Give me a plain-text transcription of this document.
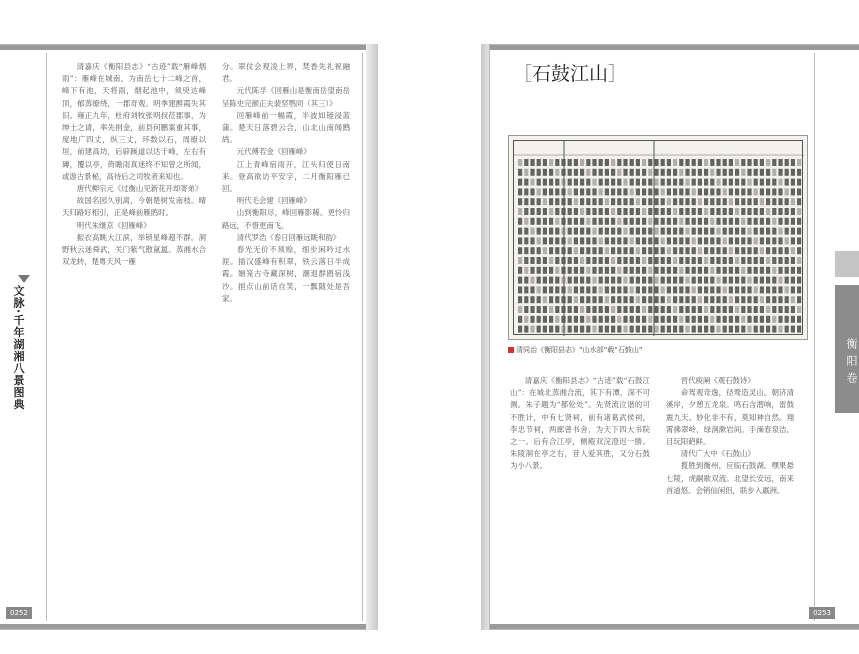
文脉·千年湖湘八景图典

清嘉庆《衡阳县志》“古迹”载“雁峰烟雨”：雁峰在城南，为南岳七十二峰之首，峰下有池，天将雨，烟起池中，须臾达峰顶，郁蒸缭绕，一郡奇观。明季建醉霞失其旧。雍正九年，杜府刘牧张明叔莅郡事，为绅士之请，率先捐金，前县何鹏案重其事，度地广四丈，纵三丈，环数以石，周缭以垣，前建高坊，后辟蹊道以达于峰，左右有磚，覆以亭，倚瞻雨真迷终不知曾之所闻，或游古景秘，高待后之司牧者来知也。

唐代柳宗元《过衡山见新花开却寄弟》

故国名园久别离，今朝楚树发南枝。晴天归路好相引，正是峰前雁鸥时。

明代朱继京《回雁峰》

振衣高眺大江滨，举锁星峰超不群。洞野秋云迷舜武，关门紫气散氤氲。蒸湘水合双龙转，楚粤天风一雁

分。翠仗会观凌上界，焚香先礼祝融君。

元代陈孚《回雁山是衡南岳望南岳呈陈史完颜正夫裴坚鹗同（其三）》

回雁峰前一幅霞，半波如镜浸蓝蒲。楚天日落碧云合，山北山南闻鹧鸪。

元代傅若金《回雁峰》

江上青峰宿雨开，江头归使日南来。登高欲访平安字，二月衡阳雁已回。

明代毛会建《回雁峰》

山到衡阳尽，峰回雁影稀。更怜归路远，不惜更南飞。

清代罗浩《春日回雁远眺和韵》

春光无价不须赊，细步闲吟过水涯。插汉盛峰有积翠，铁云落日半成霞。姻笼古寺藏深树，潮退群鸥宿浅沙。挹点山前话自笑，一瓢随处是吾家。

0252
［石鼓江山］
清同治《衡阳县志》“山水部”载“石鼓山”

清嘉庆《衡阳县志》“古迹”载“石鼓江山”：在城北蒸湘合流，其下有潭，深不可测。朱子題为“都伦处”。先贤流泣谐的可不胜计，中有七贤祠，前有诸葛武侯祠，李忠节祠，两廊曾书舍，为天下四大书院之一。后有合江亭，侧殿双浣澄迟一勝。朱陵洞在亭之右，昔人爱其胜，又分石鼓为小八景。

晋代庾阐《观石鼓诗》

命驾观奇逸，径骛造灵山。朝济清溪岸，夕憩五龙泉。鸣石含潜响，雷鼓震九天。妙化非不有，莫知神自然。翔霄拂翠岭，绿涧漱岩间。手澡春泉洁，目玩阳葩鲜。

清代广大中《石鼓山》

揽胜到衡州，应临石鼓湖。嘿果悬七陵，虎嗣歌双流。北望长安远，南来首道悠。会销仙闲侣，联步入嬴洲。

衡阳卷
0253
